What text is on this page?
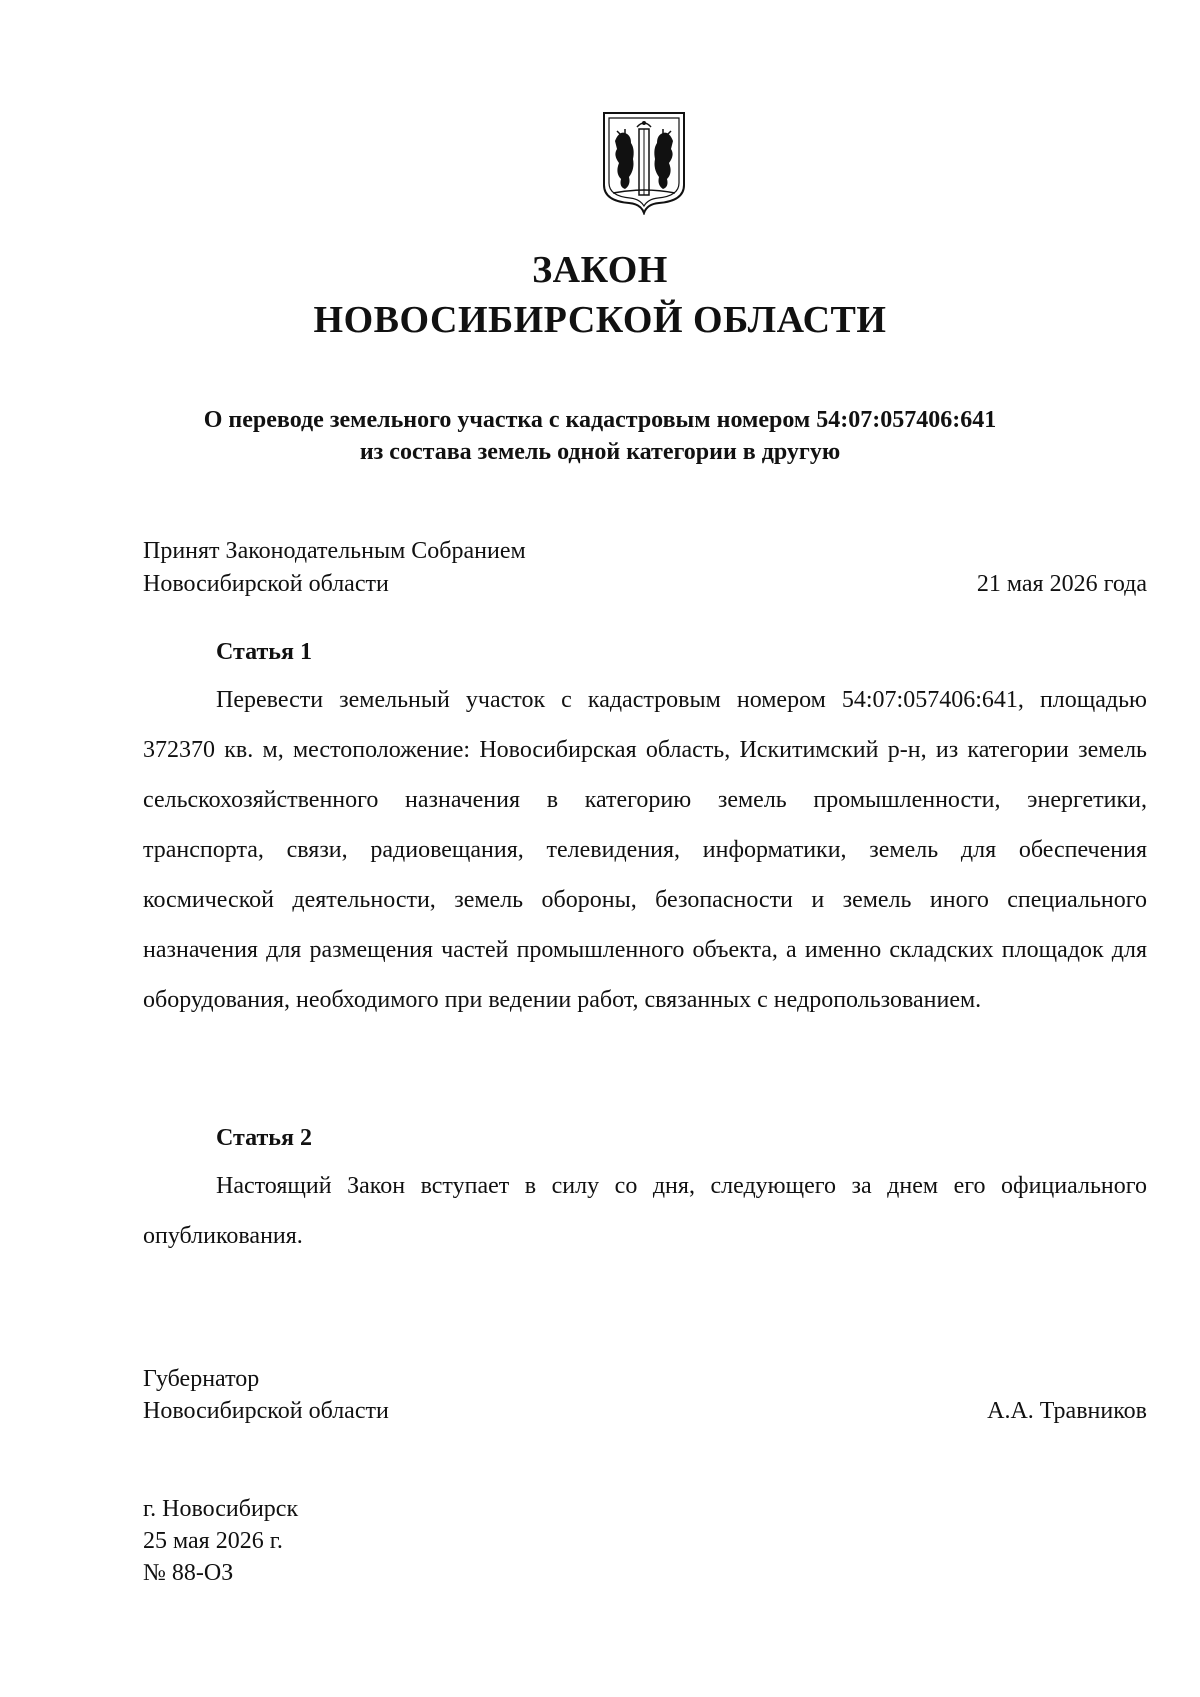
ЗАКОН
НОВОСИБИРСКОЙ ОБЛАСТИ
О переводе земельного участка с кадастровым номером 54:07:057406:641
из состава земель одной категории в другую
Принят Законодательным Собранием
Новосибирской области	21 мая 2026 года
Статья 1

Перевести земельный участок с кадастровым номером 54:07:057406:641, площадью 372370 кв. м, местоположение: Новосибирская область, Искитимский р-н, из категории земель сельскохозяйственного назначения в категорию земель промышленности, энергетики, транспорта, связи, радиовещания, телевидения, информатики, земель для обеспечения космической деятельности, земель обороны, безопасности и земель иного специального назначения для размещения частей промышленного объекта, а именно складских площадок для оборудования, необходимого при ведении работ, связанных с недропользованием.

Статья 2

Настоящий Закон вступает в силу со дня, следующего за днем его официального опубликования.

Губернатор
Новосибирской области	А.А. Травников
г. Новосибирск
25 мая 2026 г.
№ 88-ОЗ
